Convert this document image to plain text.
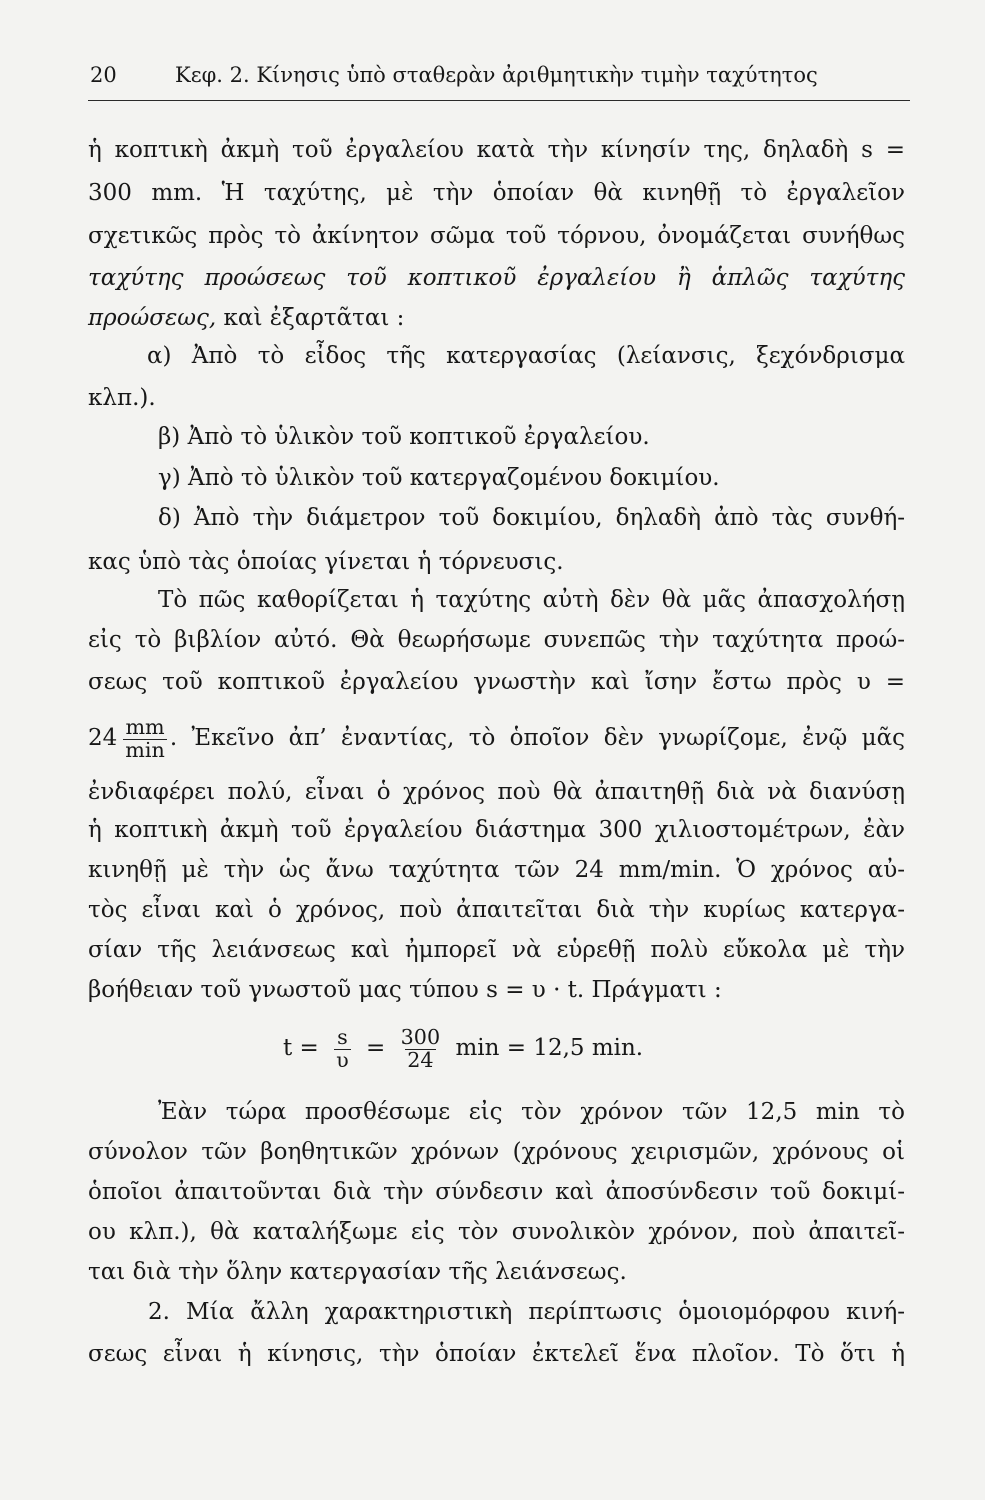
20	Κεφ. 2. Κίνησις ὑπὸ σταθερὰν ἀριθμητικὴν τιμὴν ταχύτητος
ἡ κοπτικὴ ἀκμὴ τοῦ ἐργαλείου κατὰ τὴν κίνησίν της, δηλαδὴ s =
300 mm. Ἡ ταχύτης, μὲ τὴν ὁποίαν θὰ κινηθῇ τὸ ἐργαλεῖον
σχετικῶς πρὸς τὸ ἀκίνητον σῶμα τοῦ τόρνου, ὀνομάζεται συνήθως
ταχύτης προώσεως τοῦ κοπτικοῦ ἐργαλείου ἢ ἁπλῶς ταχύτης
προώσεως, καὶ ἐξαρτᾶται :
α) Ἀπὸ τὸ εἶδος τῆς κατεργασίας (λείανσις, ξεχόνδρισμα
κλπ.).
β) Ἀπὸ τὸ ὑλικὸν τοῦ κοπτικοῦ ἐργαλείου.
γ) Ἀπὸ τὸ ὑλικὸν τοῦ κατεργαζομένου δοκιμίου.
δ) Ἀπὸ τὴν διάμετρον τοῦ δοκιμίου, δηλαδὴ ἀπὸ τὰς συνθή-
κας ὑπὸ τὰς ὁποίας γίνεται ἡ τόρνευσις.
Τὸ πῶς καθορίζεται ἡ ταχύτης αὐτὴ δὲν θὰ μᾶς ἀπασχολήσῃ
εἰς τὸ βιβλίον αὐτό. Θὰ θεωρήσωμε συνεπῶς τὴν ταχύτητα προώ-
σεως τοῦ κοπτικοῦ ἐργαλείου γνωστὴν καὶ ἴσην ἔστω πρὸς υ =
$24 \frac{mm}{\min}$ . Ἐκεῖνο ἀπ’ ἐναντίας, τὸ ὁποῖον δὲν γνωρίζομε, ἐνῷ μᾶς
ἐνδιαφέρει πολύ, εἶναι ὁ χρόνος ποὺ θὰ ἀπαιτηθῇ διὰ νὰ διανύσῃ
ἡ κοπτικὴ ἀκμὴ τοῦ ἐργαλείου διάστημα 300 χιλιοστομέτρων, ἐὰν
κινηθῇ μὲ τὴν ὡς ἄνω ταχύτητα τῶν 24 mm/min. Ὁ χρόνος αὐ-
τὸς εἶναι καὶ ὁ χρόνος, ποὺ ἀπαιτεῖται διὰ τὴν κυρίως κατεργα-
σίαν τῆς λειάνσεως καὶ ἠμπορεῖ νὰ εὑρεθῇ πολὺ εὔκολα μὲ τὴν
βοήθειαν τοῦ γνωστοῦ μας τύπου s = υ · t. Πράγματι :
$t = \frac{s}{\upsilon} = \frac{300}{24}$ min = 12,5 min.
Ἐὰν τώρα προσθέσωμε εἰς τὸν χρόνον τῶν 12,5 min τὸ
σύνολον τῶν βοηθητικῶν χρόνων (χρόνους χειρισμῶν, χρόνους οἱ
ὁποῖοι ἀπαιτοῦνται διὰ τὴν σύνδεσιν καὶ ἀποσύνδεσιν τοῦ δοκιμί-
ου κλπ.), θὰ καταλήξωμε εἰς τὸν συνολικὸν χρόνον, ποὺ ἀπαιτεῖ-
ται διὰ τὴν ὅλην κατεργασίαν τῆς λειάνσεως.
2. Μία ἄλλη χαρακτηριστικὴ περίπτωσις ὁμοιομόρφου κινή-
σεως εἶναι ἡ κίνησις, τὴν ὁποίαν ἐκτελεῖ ἕνα πλοῖον. Τὸ ὅτι ἡ
